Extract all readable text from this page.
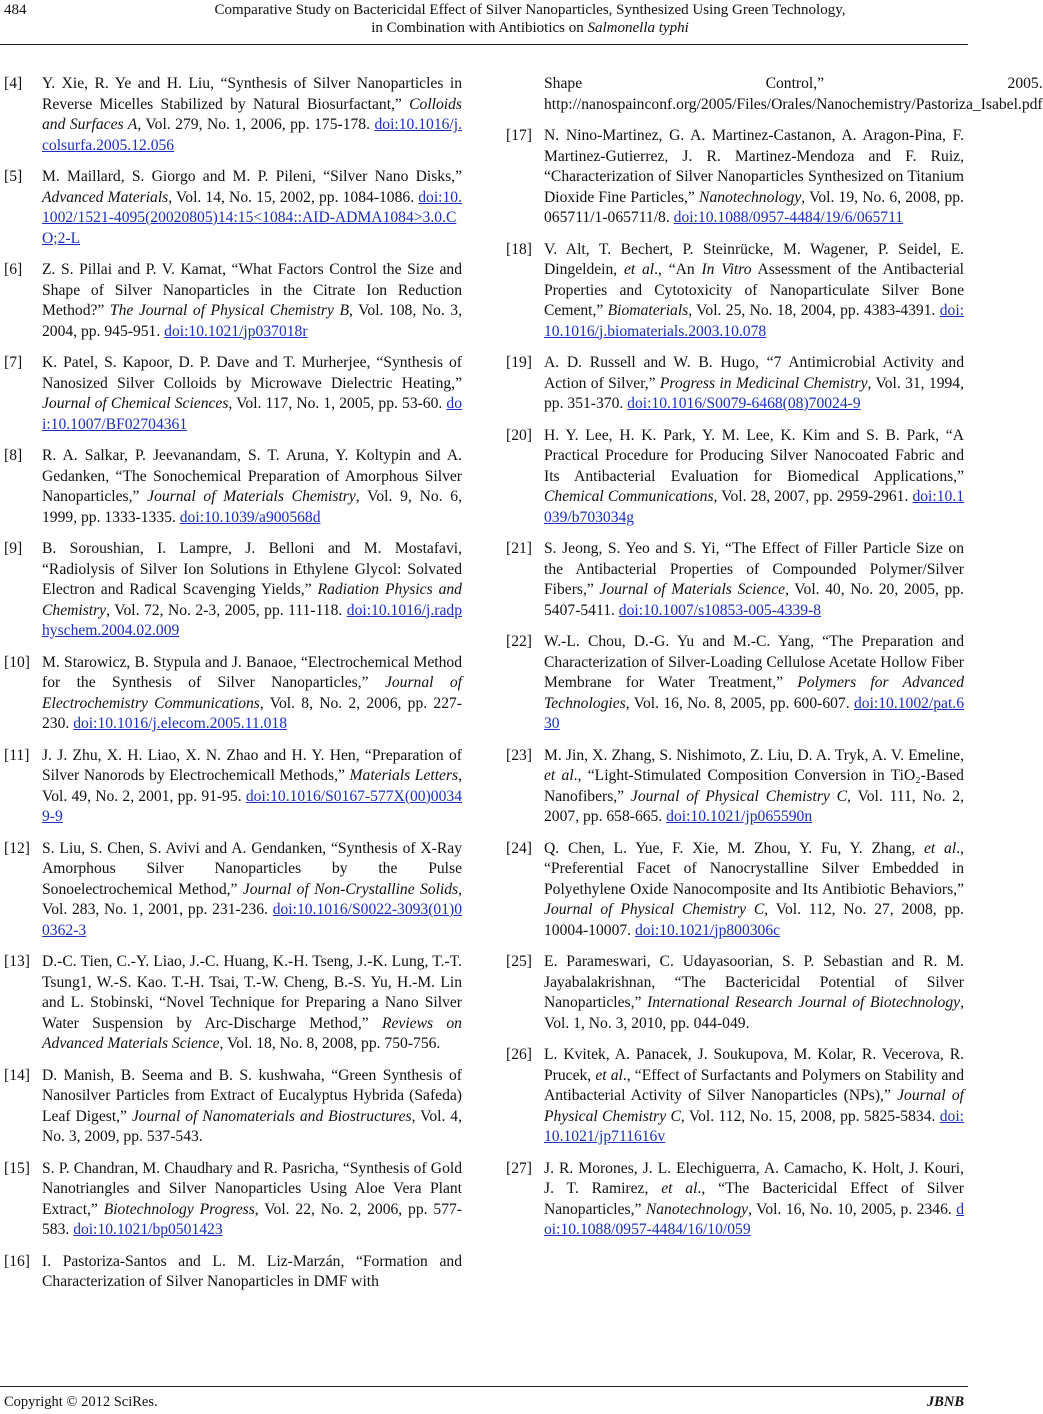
484	Comparative Study on Bactericidal Effect of Silver Nanoparticles, Synthesized Using Green Technology,
in Combination with Antibiotics on Salmonella typhi
[4]	Y. Xie, R. Ye and H. Liu, “Synthesis of Silver Nanoparticles in Reverse Micelles Stabilized by Natural Biosurfactant,” Colloids and Surfaces A, Vol. 279, No. 1, 2006, pp. 175-178. doi:10.1016/j.colsurfa.2005.12.056
[5]	M. Maillard, S. Giorgo and M. P. Pileni, “Silver Nano Disks,” Advanced Materials, Vol. 14, No. 15, 2002, pp. 1084-1086. doi:10.1002/1521-4095(20020805)14:15<1084::AID-ADMA1084>3.0.CO;2-L
[6]	Z. S. Pillai and P. V. Kamat, “What Factors Control the Size and Shape of Silver Nanoparticles in the Citrate Ion Reduction Method?” The Journal of Physical Chemistry B, Vol. 108, No. 3, 2004, pp. 945-951. doi:10.1021/jp037018r
[7]	K. Patel, S. Kapoor, D. P. Dave and T. Murherjee, “Synthesis of Nanosized Silver Colloids by Microwave Dielectric Heating,” Journal of Chemical Sciences, Vol. 117, No. 1, 2005, pp. 53-60. doi:10.1007/BF02704361
[8]	R. A. Salkar, P. Jeevanandam, S. T. Aruna, Y. Koltypin and A. Gedanken, “The Sonochemical Preparation of Amorphous Silver Nanoparticles,” Journal of Materials Chemistry, Vol. 9, No. 6, 1999, pp. 1333-1335. doi:10.1039/a900568d
[9]	B. Soroushian, I. Lampre, J. Belloni and M. Mostafavi, “Radiolysis of Silver Ion Solutions in Ethylene Glycol: Solvated Electron and Radical Scavenging Yields,” Radiation Physics and Chemistry, Vol. 72, No. 2-3, 2005, pp. 111-118. doi:10.1016/j.radphyschem.2004.02.009
[10] M. Starowicz, B. Stypula and J. Banaoe, “Electrochemical Method for the Synthesis of Silver Nanoparticles,” Journal of Electrochemistry Communications, Vol. 8, No. 2, 2006, pp. 227- 230. doi:10.1016/j.elecom.2005.11.018
[11] J. J. Zhu, X. H. Liao, X. N. Zhao and H. Y. Hen, “Preparation of Silver Nanorods by Electrochemicall Methods,” Materials Letters, Vol. 49, No. 2, 2001, pp. 91-95. doi:10.1016/S0167-577X(00)00349-9
[12] S. Liu, S. Chen, S. Avivi and A. Gendanken, “Synthesis of X-Ray Amorphous Silver Nanoparticles by the Pulse Sonoelectrochemical Method,” Journal of Non-Crystalline Solids, Vol. 283, No. 1, 2001, pp. 231-236. doi:10.1016/S0022-3093(01)00362-3
[13] D.-C. Tien, C.-Y. Liao, J.-C. Huang, K.-H. Tseng, J.-K. Lung, T.-T. Tsung1, W.-S. Kao. T.-H. Tsai, T.-W. Cheng, B.-S. Yu, H.-M. Lin and L. Stobinski, “Novel Technique for Preparing a Nano Silver Water Suspension by Arc-Discharge Method,” Reviews on Advanced Materials Science, Vol. 18, No. 8, 2008, pp. 750-756.
[14] D. Manish, B. Seema and B. S. kushwaha, “Green Synthesis of Nanosilver Particles from Extract of Eucalyptus Hybrida (Safeda) Leaf Digest,” Journal of Nanomaterials and Biostructures, Vol. 4, No. 3, 2009, pp. 537-543.
[15] S. P. Chandran, M. Chaudhary and R. Pasricha, “Synthesis of Gold Nanotriangles and Silver Nanoparticles Using Aloe Vera Plant Extract,” Biotechnology Progress, Vol. 22, No. 2, 2006, pp. 577-583. doi:10.1021/bp0501423
[16] I. Pastoriza-Santos and L. M. Liz-Marzán, “Formation and Characterization of Silver Nanoparticles in DMF with
Shape Control,” 2005. http://nanospainconf.org/2005/Files/Orales/Nanochemistry/Pastoriza_Isabel.pdf
[17] N. Nino-Martinez, G. A. Martinez-Castanon, A. Aragon-Pina, F. Martinez-Gutierrez, J. R. Martinez-Mendoza and F. Ruiz, “Characterization of Silver Nanoparticles Synthesized on Titanium Dioxide Fine Particles,” Nanotechnology, Vol. 19, No. 6, 2008, pp. 065711/1-065711/8. doi:10.1088/0957-4484/19/6/065711
[18] V. Alt, T. Bechert, P. Steinrücke, M. Wagener, P. Seidel, E. Dingeldein, et al., “An In Vitro Assessment of the Antibacterial Properties and Cytotoxicity of Nanoparticulate Silver Bone Cement,” Biomaterials, Vol. 25, No. 18, 2004, pp. 4383-4391. doi:10.1016/j.biomaterials.2003.10.078
[19] A. D. Russell and W. B. Hugo, “7 Antimicrobial Activity and Action of Silver,” Progress in Medicinal Chemistry, Vol. 31, 1994, pp. 351-370. doi:10.1016/S0079-6468(08)70024-9
[20] H. Y. Lee, H. K. Park, Y. M. Lee, K. Kim and S. B. Park, “A Practical Procedure for Producing Silver Nanocoated Fabric and Its Antibacterial Evaluation for Biomedical Applications,” Chemical Communications, Vol. 28, 2007, pp. 2959-2961. doi:10.1039/b703034g
[21] S. Jeong, S. Yeo and S. Yi, “The Effect of Filler Particle Size on the Antibacterial Properties of Compounded Polymer/Silver Fibers,” Journal of Materials Science, Vol. 40, No. 20, 2005, pp. 5407-5411. doi:10.1007/s10853-005-4339-8
[22] W.-L. Chou, D.-G. Yu and M.-C. Yang, “The Preparation and Characterization of Silver-Loading Cellulose Acetate Hollow Fiber Membrane for Water Treatment,” Polymers for Advanced Technologies, Vol. 16, No. 8, 2005, pp. 600-607. doi:10.1002/pat.630
[23] M. Jin, X. Zhang, S. Nishimoto, Z. Liu, D. A. Tryk, A. V. Emeline, et al., “Light-Stimulated Composition Conversion in TiO₂-Based Nanofibers,” Journal of Physical Chemistry C, Vol. 111, No. 2, 2007, pp. 658-665. doi:10.1021/jp065590n
[24] Q. Chen, L. Yue, F. Xie, M. Zhou, Y. Fu, Y. Zhang, et al., “Preferential Facet of Nanocrystalline Silver Embedded in Polyethylene Oxide Nanocomposite and Its Antibiotic Behaviors,” Journal of Physical Chemistry C, Vol. 112, No. 27, 2008, pp. 10004-10007. doi:10.1021/jp800306c
[25] E. Parameswari, C. Udayasoorian, S. P. Sebastian and R. M. Jayabalakrishnan, “The Bactericidal Potential of Silver Nanoparticles,” International Research Journal of Biotechnology, Vol. 1, No. 3, 2010, pp. 044-049.
[26] L. Kvitek, A. Panacek, J. Soukupova, M. Kolar, R. Vecerova, R. Prucek, et al., “Effect of Surfactants and Polymers on Stability and Antibacterial Activity of Silver Nanoparticles (NPs),” Journal of Physical Chemistry C, Vol. 112, No. 15, 2008, pp. 5825-5834. doi:10.1021/jp711616v
[27] J. R. Morones, J. L. Elechiguerra, A. Camacho, K. Holt, J. Kouri, J. T. Ramirez, et al., “The Bactericidal Effect of Silver Nanoparticles,” Nanotechnology, Vol. 16, No. 10, 2005, p. 2346. doi:10.1088/0957-4484/16/10/059
Copyright © 2012 SciRes.	JBNB
